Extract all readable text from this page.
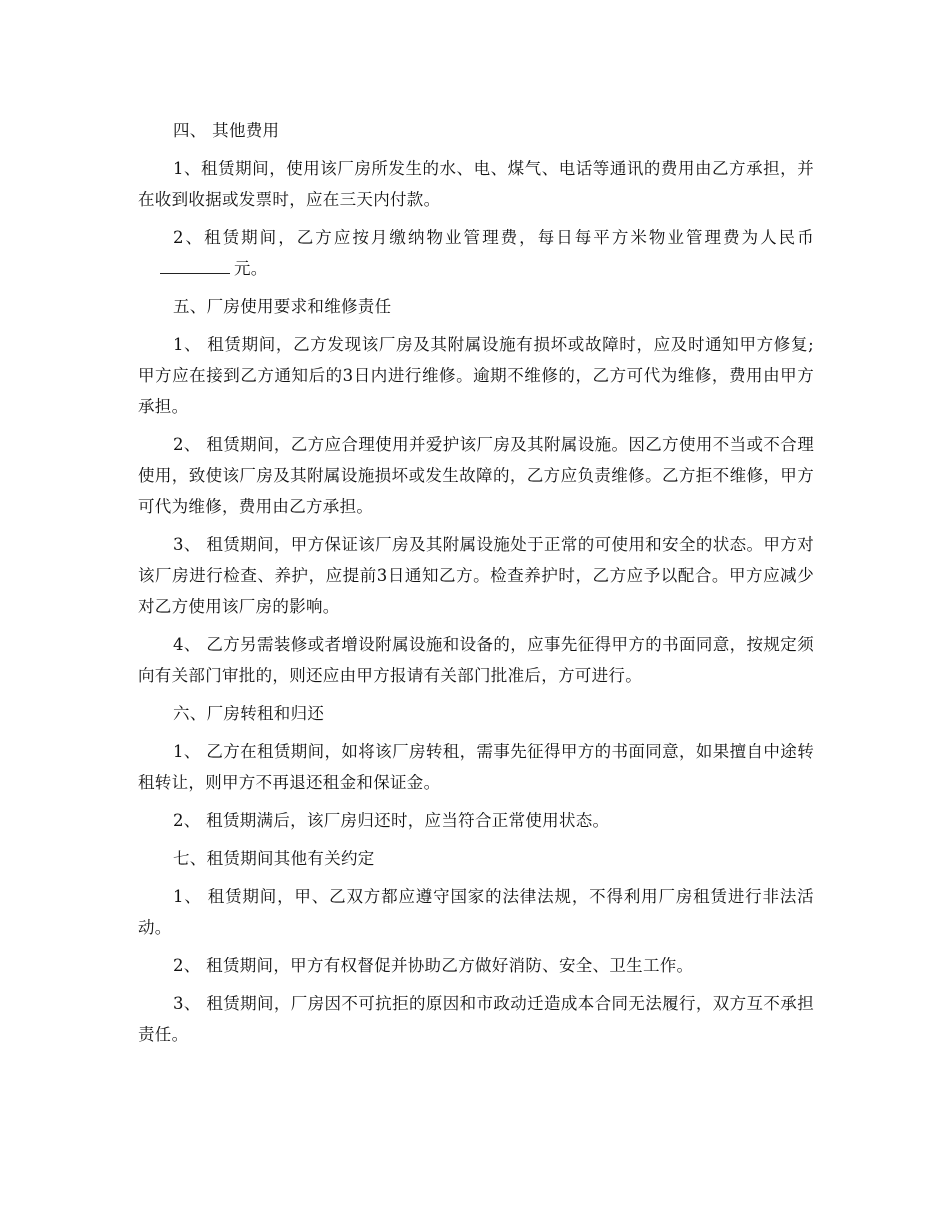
四、 其他费用

1、租赁期间，使用该厂房所发生的水、电、煤气、电话等通讯的费用由乙方承担，并在收到收据或发票时，应在三天内付款。

2、租赁期间，乙方应按月缴纳物业管理费，每日每平方米物业管理费为人民币元。

五、厂房使用要求和维修责任

1、 租赁期间，乙方发现该厂房及其附属设施有损坏或故障时，应及时通知甲方修复;甲方应在接到乙方通知后的3日内进行维修。逾期不维修的，乙方可代为维修，费用由甲方承担。

2、 租赁期间，乙方应合理使用并爱护该厂房及其附属设施。因乙方使用不当或不合理使用，致使该厂房及其附属设施损坏或发生故障的，乙方应负责维修。乙方拒不维修，甲方可代为维修，费用由乙方承担。

3、 租赁期间，甲方保证该厂房及其附属设施处于正常的可使用和安全的状态。甲方对该厂房进行检查、养护，应提前3日通知乙方。检查养护时，乙方应予以配合。甲方应减少对乙方使用该厂房的影响。

4、 乙方另需装修或者增设附属设施和设备的，应事先征得甲方的书面同意，按规定须向有关部门审批的，则还应由甲方报请有关部门批准后，方可进行。

六、厂房转租和归还

1、 乙方在租赁期间，如将该厂房转租，需事先征得甲方的书面同意，如果擅自中途转租转让，则甲方不再退还租金和保证金。

2、 租赁期满后，该厂房归还时，应当符合正常使用状态。

七、租赁期间其他有关约定

1、 租赁期间，甲、乙双方都应遵守国家的法律法规，不得利用厂房租赁进行非法活动。

2、 租赁期间，甲方有权督促并协助乙方做好消防、安全、卫生工作。

3、 租赁期间，厂房因不可抗拒的原因和市政动迁造成本合同无法履行，双方互不承担责任。
